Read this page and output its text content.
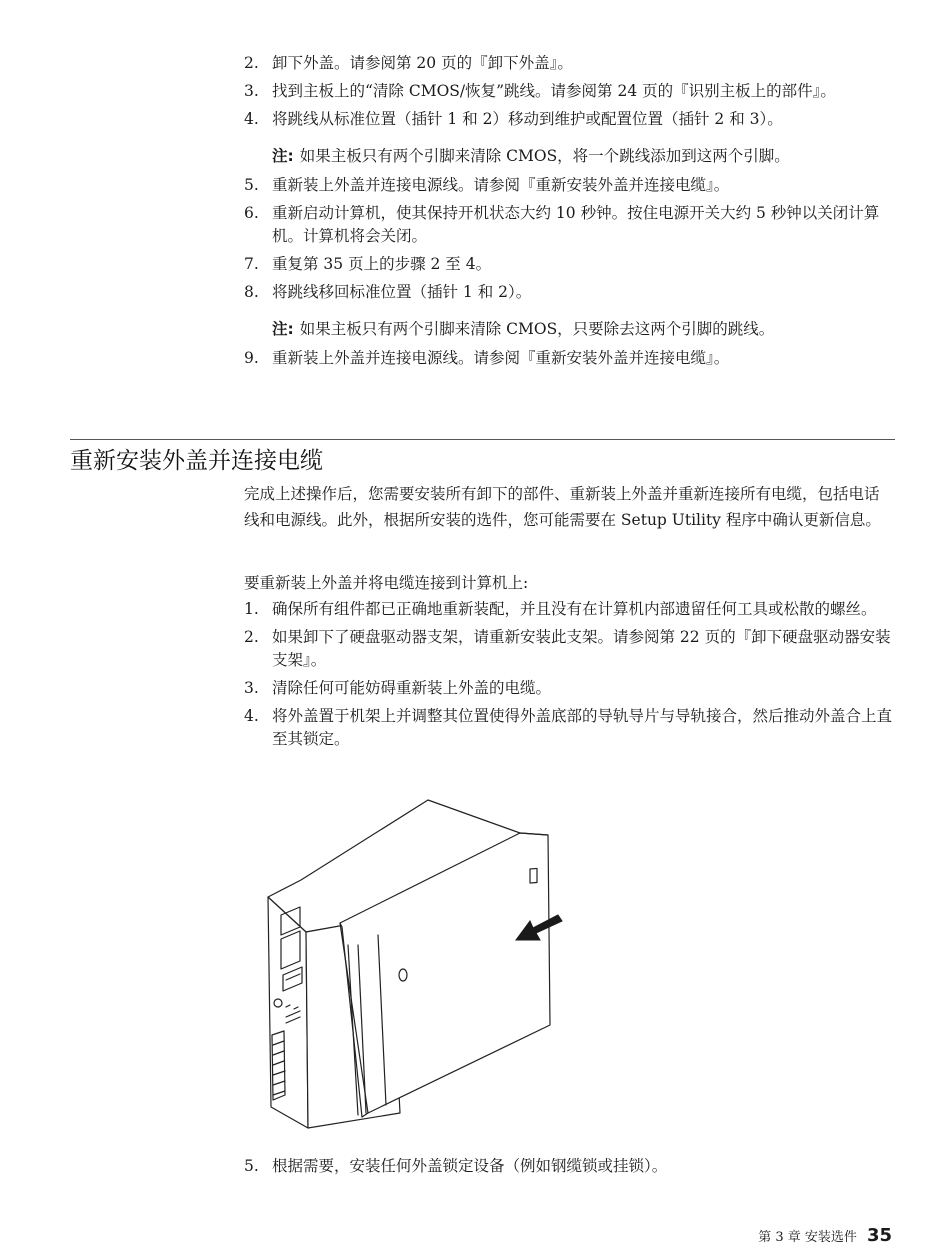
2. 卸下外盖。请参阅第 20 页的『卸下外盖』。
3. 找到主板上的“清除 CMOS/恢复”跳线。请参阅第 24 页的『识别主板上的部件』。
4. 将跳线从标准位置（插针 1 和 2）移动到维护或配置位置（插针 2 和 3）。
注: 如果主板只有两个引脚来清除 CMOS，将一个跳线添加到这两个引脚。
5. 重新装上外盖并连接电源线。请参阅『重新安装外盖并连接电缆』。
6. 重新启动计算机，使其保持开机状态大约 10 秒钟。按住电源开关大约 5 秒钟以关闭计算机。计算机将会关闭。
7. 重复第 35 页上的步骤 2 至 4。
8. 将跳线移回标准位置（插针 1 和 2）。
注: 如果主板只有两个引脚来清除 CMOS，只要除去这两个引脚的跳线。
9. 重新装上外盖并连接电源线。请参阅『重新安装外盖并连接电缆』。
重新安装外盖并连接电缆

完成上述操作后，您需要安装所有卸下的部件、重新装上外盖并重新连接所有电缆，包括电话线和电源线。此外，根据所安装的选件，您可能需要在 Setup Utility 程序中确认更新信息。

要重新装上外盖并将电缆连接到计算机上:

1. 确保所有组件都已正确地重新装配，并且没有在计算机内部遗留任何工具或松散的螺丝。
2. 如果卸下了硬盘驱动器支架，请重新安装此支架。请参阅第 22 页的『卸下硬盘驱动器安装支架』。
3. 清除任何可能妨碍重新装上外盖的电缆。
4. 将外盖置于机架上并调整其位置使得外盖底部的导轨导片与导轨接合，然后推动外盖合上直至其锁定。
5. 根据需要，安装任何外盖锁定设备（例如钢缆锁或挂锁）。
第 3 章 安装选件 35
